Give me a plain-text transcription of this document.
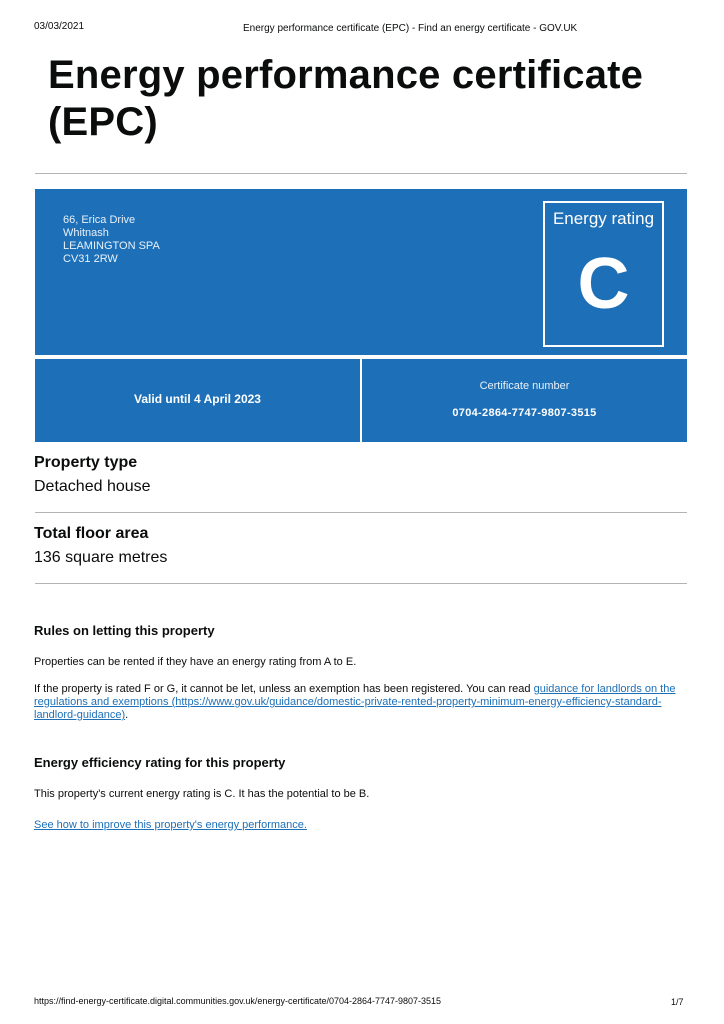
03/03/2021	Energy performance certificate (EPC) - Find an energy certificate - GOV.UK
Energy performance certificate (EPC)
66, Erica Drive
Whitnash
LEAMINGTON SPA
CV31 2RW
Energy rating
C
Valid until 4 April 2023
Certificate number
0704-2864-7747-9807-3515
Property type
Detached house
Total floor area
136 square metres
Rules on letting this property
Properties can be rented if they have an energy rating from A to E.
If the property is rated F or G, it cannot be let, unless an exemption has been registered. You can read guidance for landlords on the regulations and exemptions (https://www.gov.uk/guidance/domestic-private-rented-property-minimum-energy-efficiency-standard-landlord-guidance).
Energy efficiency rating for this property
This property's current energy rating is C. It has the potential to be B.
See how to improve this property's energy performance.
https://find-energy-certificate.digital.communities.gov.uk/energy-certificate/0704-2864-7747-9807-3515	1/7
